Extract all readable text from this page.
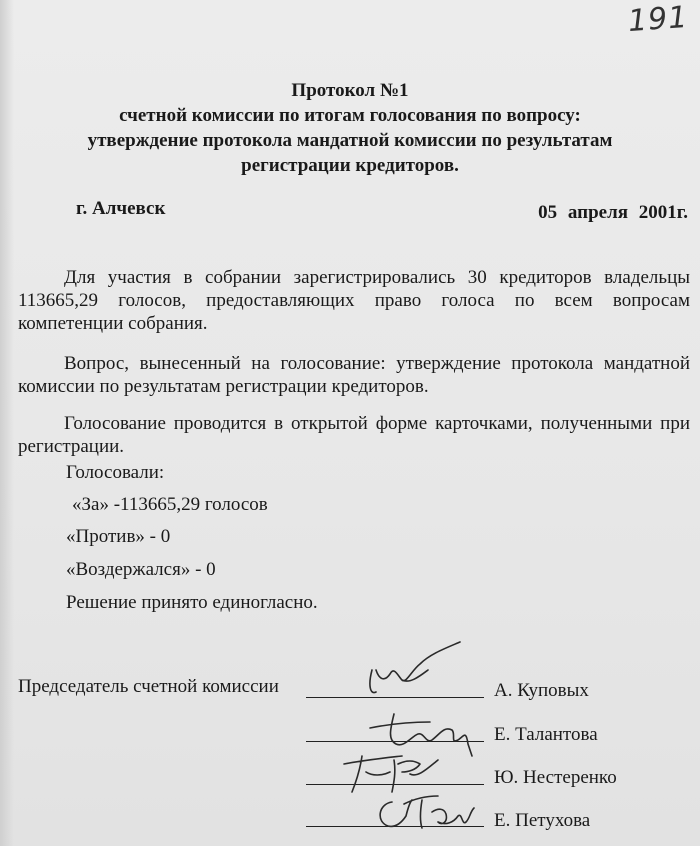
191
Протокол №1
счетной комиссии по итогам голосования по вопросу:
утверждение протокола мандатной комиссии по результатам
регистрации кредиторов.
г. Алчевск	05 апреля 2001г.
Для участия в собрании зарегистрировались 30 кредиторов владельцы 113665,29 голосов, предоставляющих право голоса по всем вопросам компетенции собрания.
Вопрос, вынесенный на голосование: утверждение протокола мандатной комиссии по результатам регистрации кредиторов.
Голосование проводится в открытой форме карточками, полученными при регистрации.
Голосовали:
«За» -113665,29 голосов
«Против» - 0
«Воздержался» - 0
Решение принято единогласно.
Председатель счетной комиссии	А. Куповых
Е. Талантова
Ю. Нестеренко
Е. Петухова
